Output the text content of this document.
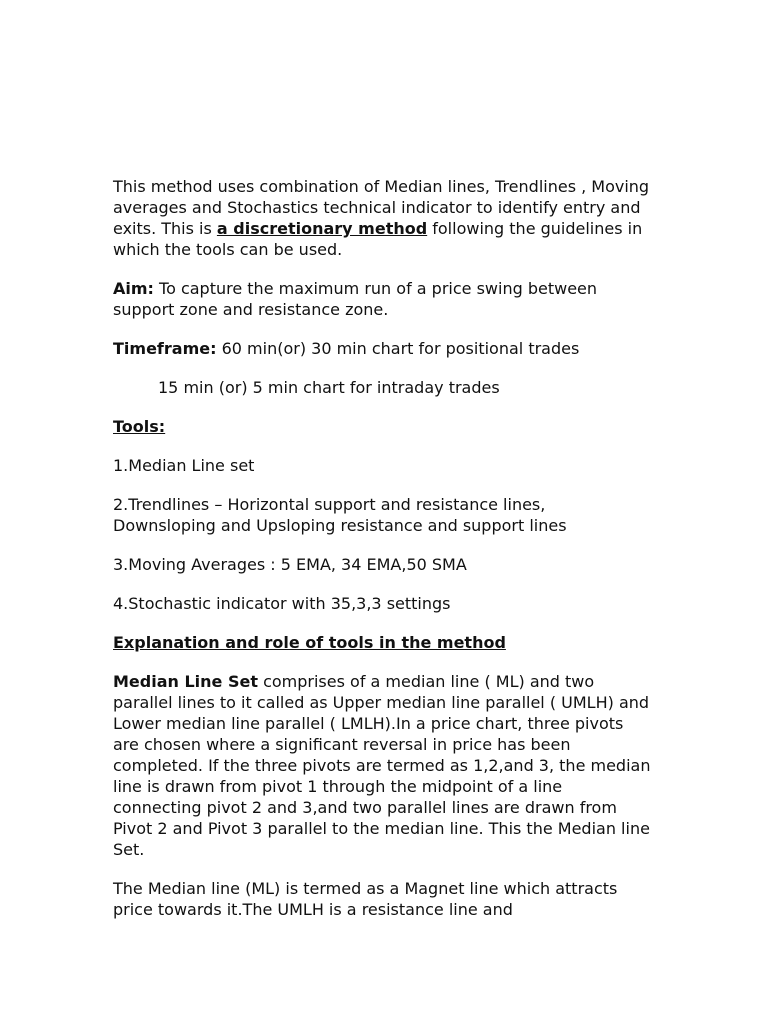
This method uses combination of Median lines, Trendlines , Moving averages and Stochastics technical indicator to identify entry and exits. This is a discretionary method following the guidelines in which the tools can be used.

Aim: To capture the maximum run of a price swing between support zone and resistance zone.

Timeframe: 60 min(or) 30 min chart for positional trades

15 min (or) 5 min chart for intraday trades

Tools:

1.Median Line set

2.Trendlines – Horizontal support and resistance lines, Downsloping and Upsloping resistance and support lines

3.Moving Averages : 5 EMA, 34 EMA,50 SMA

4.Stochastic indicator with 35,3,3 settings

Explanation and role of tools in the method

Median Line Set comprises of a median line ( ML) and two parallel lines to it called as Upper median line parallel ( UMLH) and Lower median line parallel ( LMLH).In a price chart, three pivots are chosen where a significant reversal in price has been completed. If the three pivots are termed as 1,2,and 3, the median line is drawn from pivot 1 through the midpoint of a line connecting pivot 2 and 3,and two parallel lines are drawn from Pivot 2 and Pivot 3 parallel to the median line. This the Median line Set.

The Median line (ML) is termed as a Magnet line which attracts price towards it.The UMLH is a resistance line and
